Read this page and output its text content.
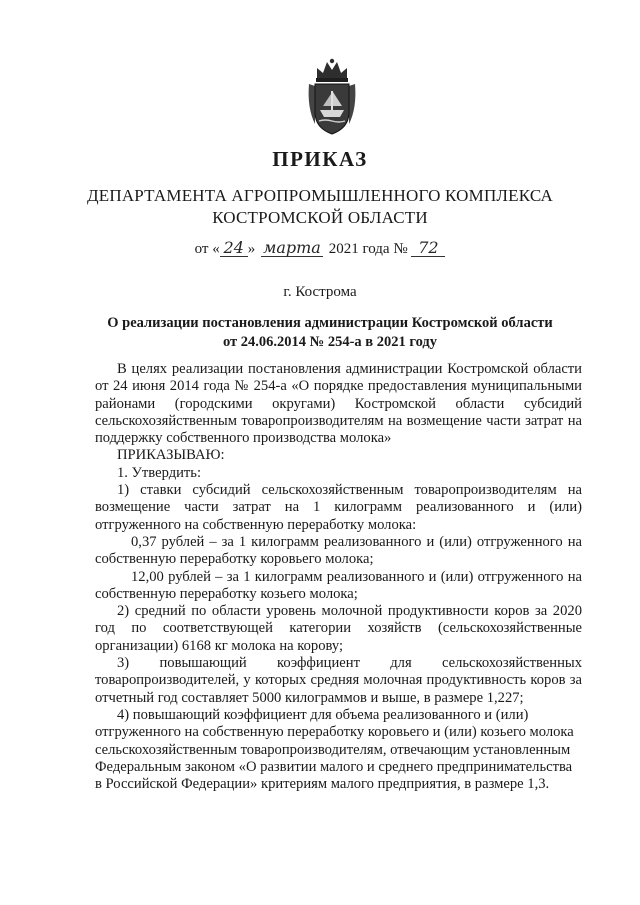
ПРИКАЗ
ДЕПАРТАМЕНТА АГРОПРОМЫШЛЕННОГО КОМПЛЕКСА
КОСТРОМСКОЙ ОБЛАСТИ
от « 24 » марта 2021 года № 72
г. Кострома
О реализации постановления администрации Костромской области
от 24.06.2014 № 254-а в 2021 году

В целях реализации постановления администрации Костромской области от 24 июня 2014 года № 254-а «О порядке предоставления муниципальными районами (городскими округами) Костромской области субсидий сельскохозяйственным товаропроизводителям на возмещение части затрат на поддержку собственного производства молока»

ПРИКАЗЫВАЮ:

1. Утвердить:

1) ставки субсидий сельскохозяйственным товаропроизводителям на возмещение части затрат на 1 килограмм реализованного и (или) отгруженного на собственную переработку молока:

0,37 рублей – за 1 килограмм реализованного и (или) отгруженного на собственную переработку коровьего молока;

12,00 рублей – за 1 килограмм реализованного и (или) отгруженного на собственную переработку козьего молока;

2) средний по области уровень молочной продуктивности коров за 2020 год по соответствующей категории хозяйств (сельскохозяйственные организации) 6168 кг молока на корову;

3) повышающий коэффициент для сельскохозяйственных товаропроизводителей, у которых средняя молочная продуктивность коров за отчетный год составляет 5000 килограммов и выше, в размере 1,227;

4) повышающий коэффициент для объема реализованного и (или) отгруженного на собственную переработку коровьего и (или) козьего молока сельскохозяйственным товаропроизводителям, отвечающим установленным Федеральным законом «О развитии малого и среднего предпринимательства в Российской Федерации» критериям малого предприятия, в размере 1,3.
